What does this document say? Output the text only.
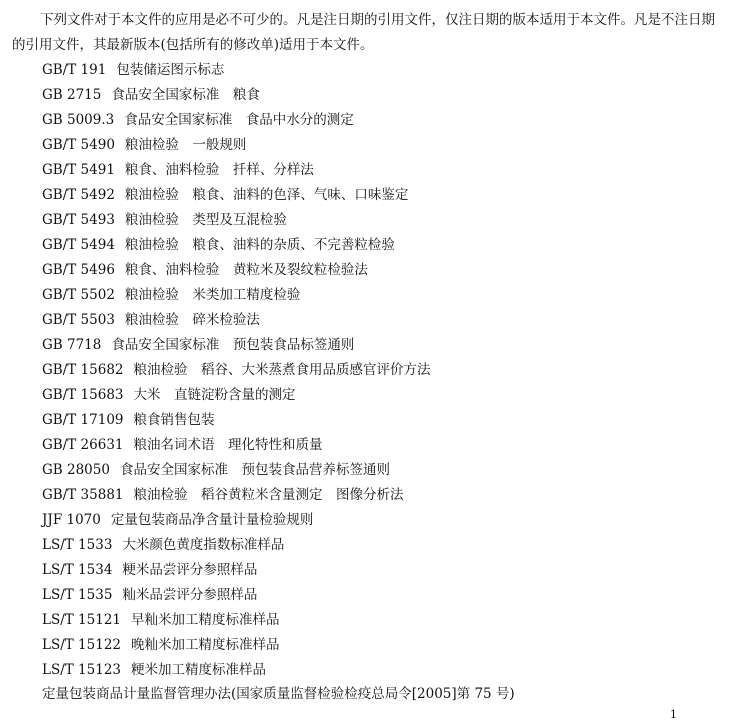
下列文件对于本文件的应用是必不可少的。凡是注日期的引用文件，仅注日期的版本适用于本文件。凡是不注日期的引用文件，其最新版本(包括所有的修改单)适用于本文件。

GB/T 191 包装储运图示标志
GB 2715 食品安全国家标准　粮食
GB 5009.3 食品安全国家标准　食品中水分的测定
GB/T 5490 粮油检验　一般规则
GB/T 5491 粮食、油料检验　扦样、分样法
GB/T 5492 粮油检验　粮食、油料的色泽、气味、口味鉴定
GB/T 5493 粮油检验　类型及互混检验
GB/T 5494 粮油检验　粮食、油料的杂质、不完善粒检验
GB/T 5496 粮食、油料检验　黄粒米及裂纹粒检验法
GB/T 5502 粮油检验　米类加工精度检验
GB/T 5503 粮油检验　碎米检验法
GB 7718 食品安全国家标准　预包装食品标签通则
GB/T 15682 粮油检验　稻谷、大米蒸煮食用品质感官评价方法
GB/T 15683 大米　直链淀粉含量的测定
GB/T 17109 粮食销售包装
GB/T 26631 粮油名词术语　理化特性和质量
GB 28050 食品安全国家标准　预包装食品营养标签通则
GB/T 35881 粮油检验　稻谷黄粒米含量测定　图像分析法
JJF 1070 定量包装商品净含量计量检验规则
LS/T 1533 大米颜色黄度指数标准样品
LS/T 1534 粳米品尝评分参照样品
LS/T 1535 籼米品尝评分参照样品
LS/T 15121 早籼米加工精度标准样品
LS/T 15122 晚籼米加工精度标准样品
LS/T 15123 粳米加工精度标准样品
定量包装商品计量监督管理办法(国家质量监督检验检疫总局令[2005]第 75 号)
1
